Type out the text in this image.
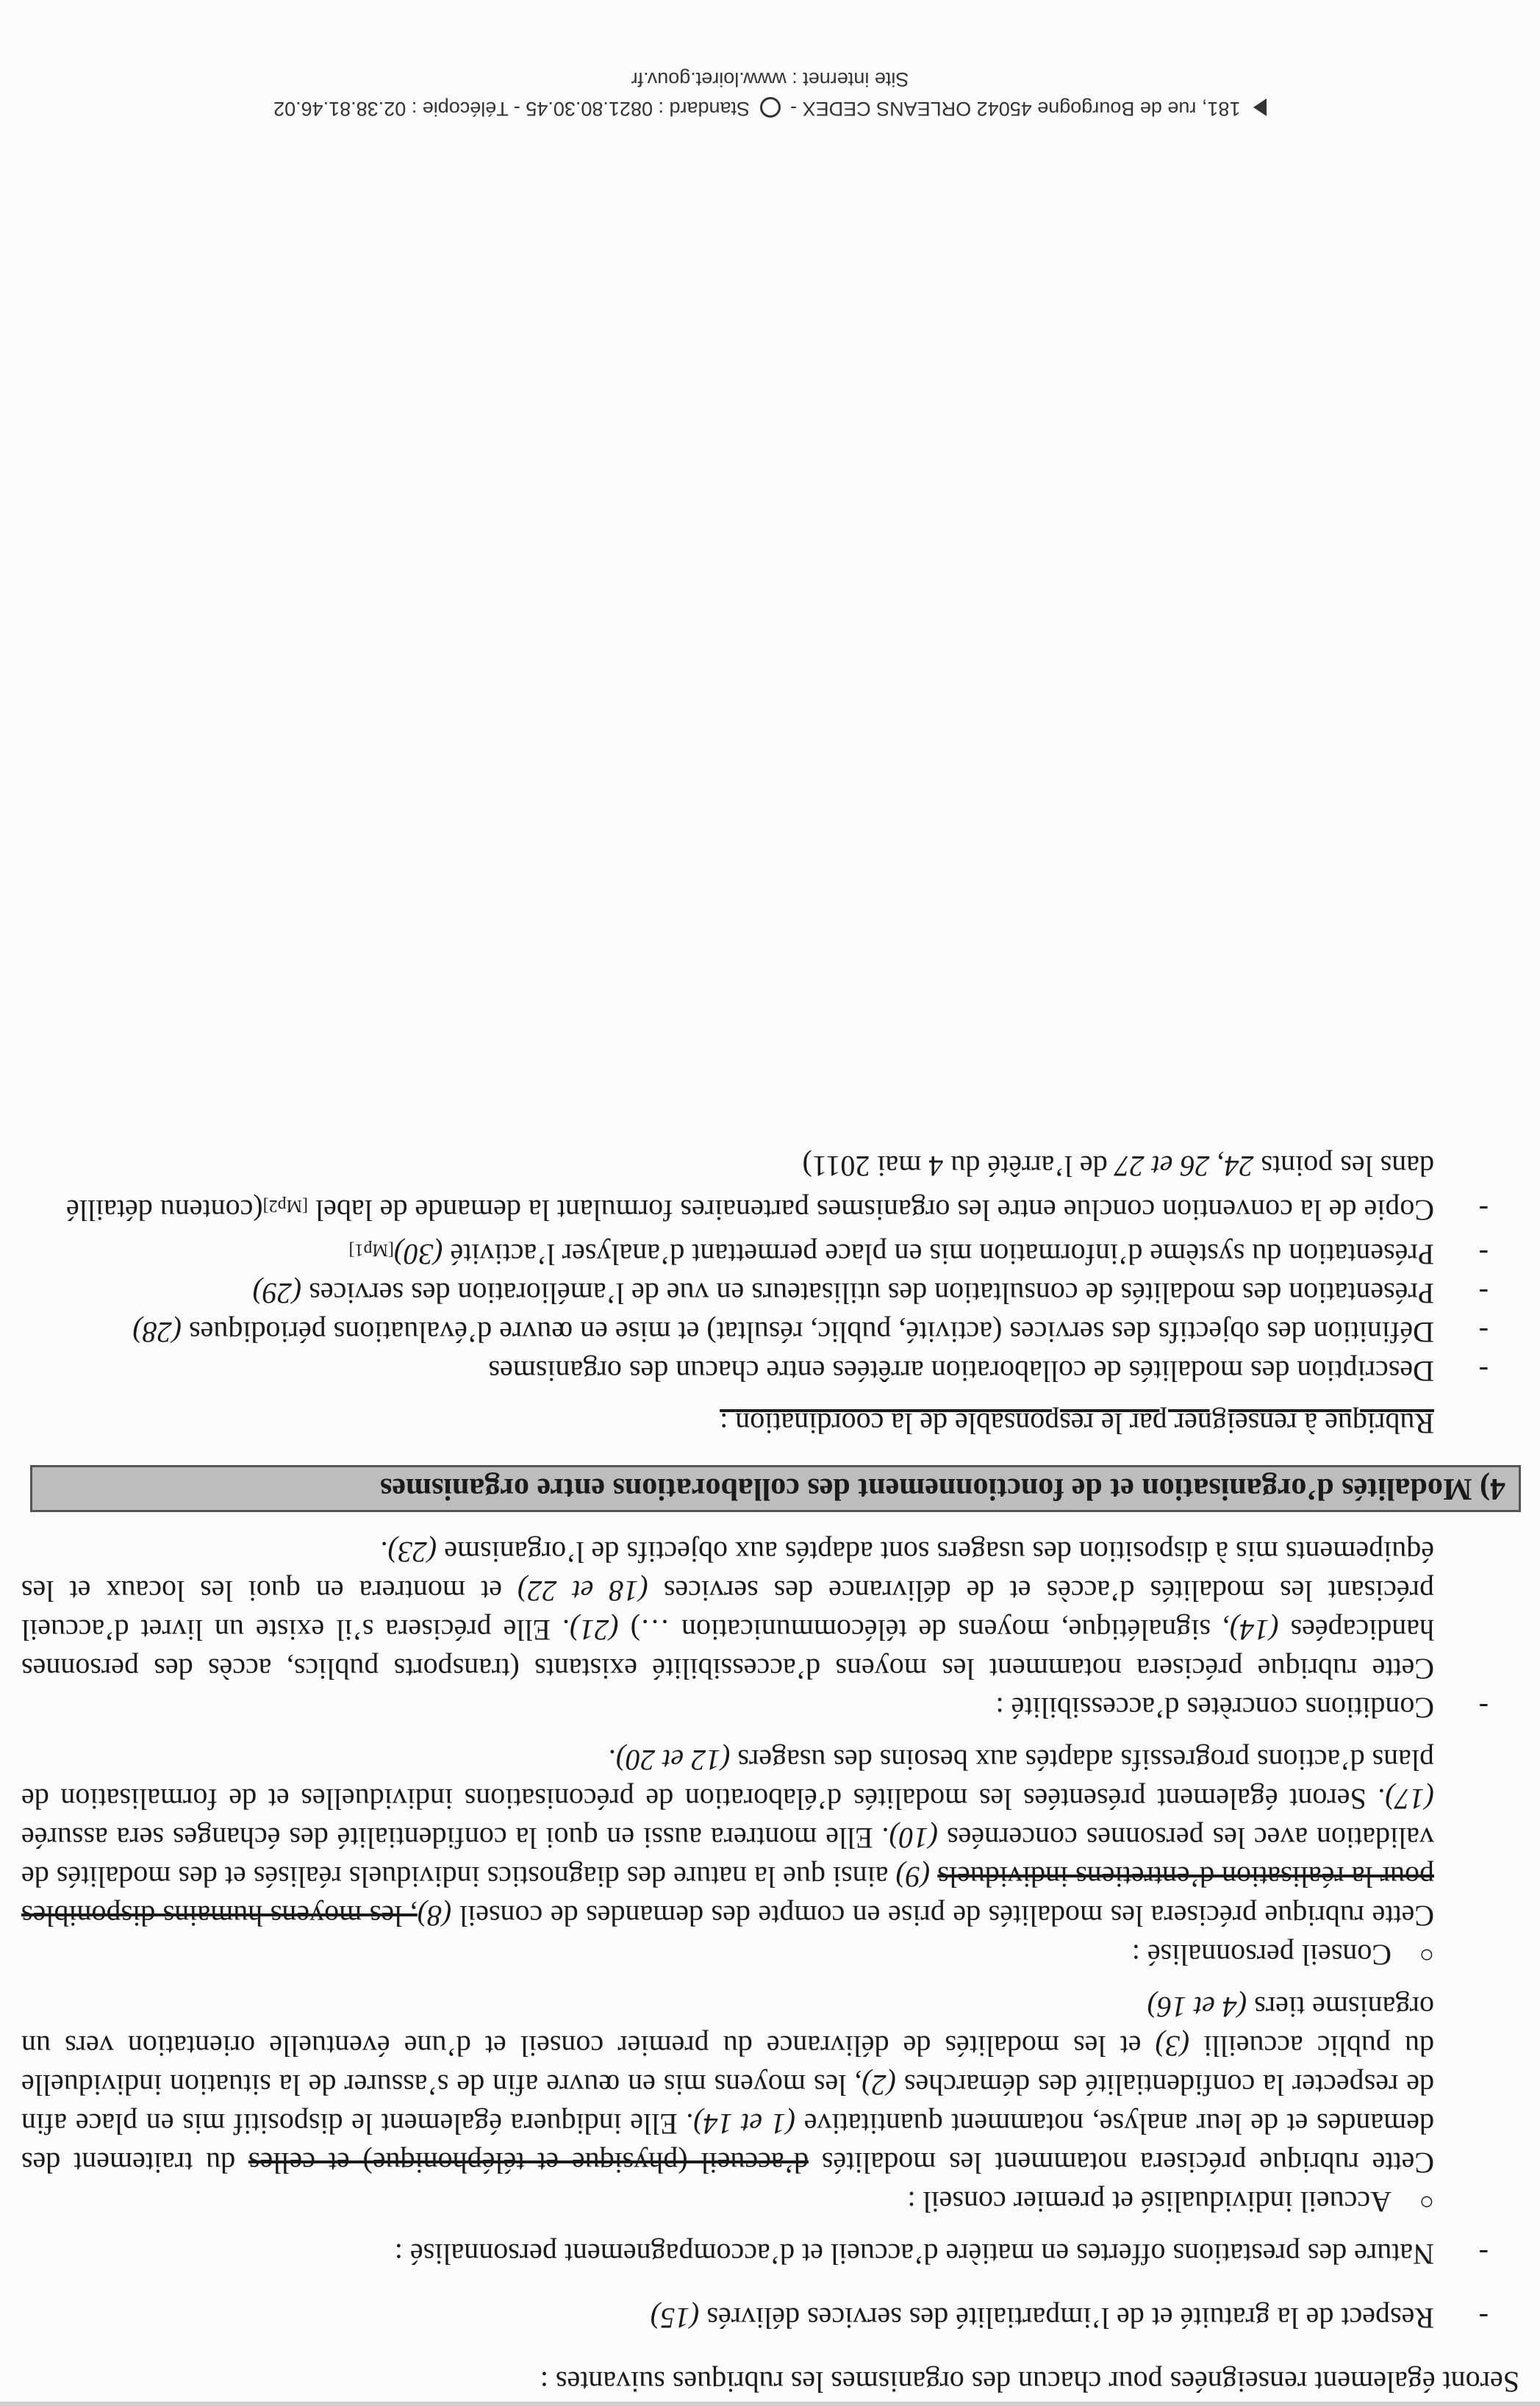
Seront également renseignées pour chacun des organismes les rubriques suivantes :

-
Respect de la gratuité et de l’impartialité des services délivrés (15)
-
Nature des prestations offertes en matière d’accueil et d’accompagnement personnalisé :
○
Accueil individualisé et premier conseil :

Cette rubrique précisera notamment les modalités d’accueil (physique et téléphonique) et celles du traitement des demandes et de leur analyse, notamment quantitative (1 et 14). Elle indiquera également le dispositif mis en place afin de respecter la confidentialité des démarches (2), les moyens mis en œuvre afin de s’assurer de la situation individuelle du public accueilli (3) et les modalités de délivrance du premier conseil et d’une éventuelle orientation vers un organisme tiers (4 et 16)

○
Conseil personnalisé :

Cette rubrique précisera les modalités de prise en compte des demandes de conseil (8), les moyens humains disponibles pour la réalisation d’entretiens individuels (9) ainsi que la nature des diagnostics individuels réalisés et des modalités de validation avec les personnes concernées (10). Elle montrera aussi en quoi la confidentialité des échanges sera assurée (17). Seront également présentées les modalités d’élaboration de préconisations individuelles et de formalisation de plans d’actions progressifs adaptés aux besoins des usagers (12 et 20).

-
Conditions concrètes d’accessibilité :

Cette rubrique précisera notamment les moyens d’accessibilité existants (transports publics, accès des personnes handicapées (14), signalétique, moyens de télécommunication …) (21). Elle précisera s’il existe un livret d’accueil précisant les modalités d’accès et de délivrance des services (18 et 22) et montrera en quoi les locaux et les équipements mis à disposition des usagers sont adaptés aux objectifs de l’organisme (23).

4) Modalités d’organisation et de fonctionnement des collaborations entre organismes

Rubrique à renseigner par le responsable de la coordination :

-
Description des modalités de collaboration arrêtées entre chacun des organismes
-
Définition des objectifs des services (activité, public, résultat) et mise en œuvre d’évaluations périodiques (28)
-
Présentation des modalités de consultation des utilisateurs en vue de l’amélioration des services (29)
-
Présentation du système d’information mis en place permettant d’analyser l’activité (30)[Mp1]
-
Copie de la convention conclue entre les organismes partenaires formulant la demande de label [Mp2](contenu détaillé dans les points 24, 26 et 27 de l’arrêté du 4 mai 2011)
181, rue de Bourgogne 45042 ORLEANS CEDEX -  Standard : 0821.80.30.45 - Télécopie : 02.38.81.46.02
Site internet : www.loiret.gouv.fr
